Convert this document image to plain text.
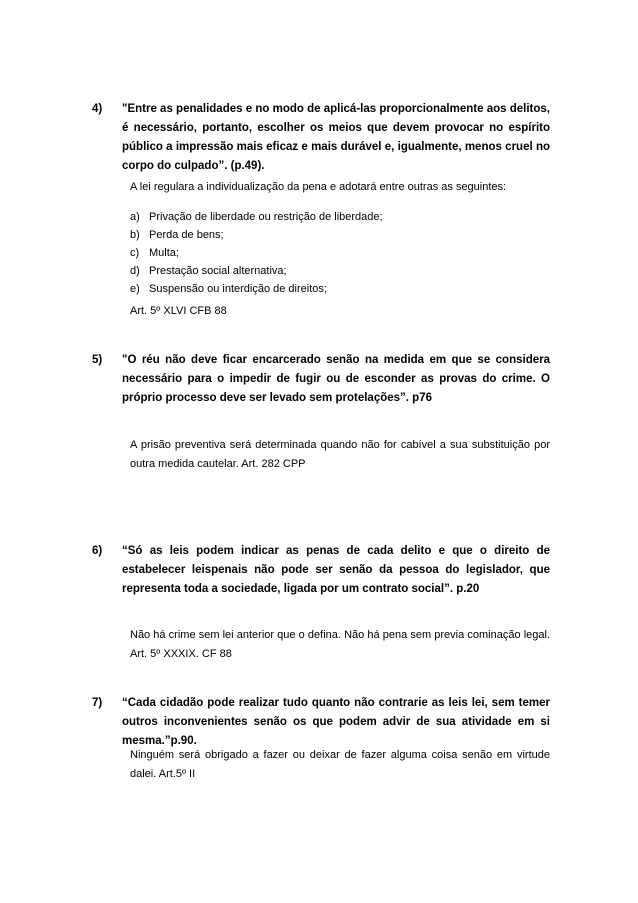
4) "Entre as penalidades e no modo de aplicá-las proporcionalmente aos delitos, é necessário, portanto, escolher os meios que devem provocar no espírito público a impressão mais eficaz e mais durável e, igualmente, menos cruel no corpo do culpado”. (p.49).
A lei regulara a individualização da pena e adotará entre outras as seguintes:
a) Privação de liberdade ou restrição de liberdade;
b) Perda de bens;
c) Multa;
d) Prestação social alternativa;
e) Suspensão ou interdição de direitos;
Art. 5º XLVI CFB 88
5) "O réu não deve ficar encarcerado senão na medida em que se considera necessário para o impedir de fugir ou de esconder as provas do crime. O próprio processo deve ser levado sem protelações”. p76
A prisão preventiva será determinada quando não for cabível a sua substituição por outra medida cautelar. Art. 282 CPP
6) “Só as leis podem indicar as penas de cada delito e que o direito de estabelecer leispenais não pode ser senão da pessoa do legislador, que representa toda a sociedade, ligada por um contrato social”. p.20
Não há crime sem lei anterior que o defina. Não há pena sem previa cominação legal. Art. 5º XXXIX. CF 88
7) “Cada cidadão pode realizar tudo quanto não contrarie as leis lei, sem temer outros inconvenientes senão os que podem advir de sua atividade em si mesma.”p.90.
Ninguém será obrigado a fazer ou deixar de fazer alguma coisa senão em virtude dalei. Art.5º II
